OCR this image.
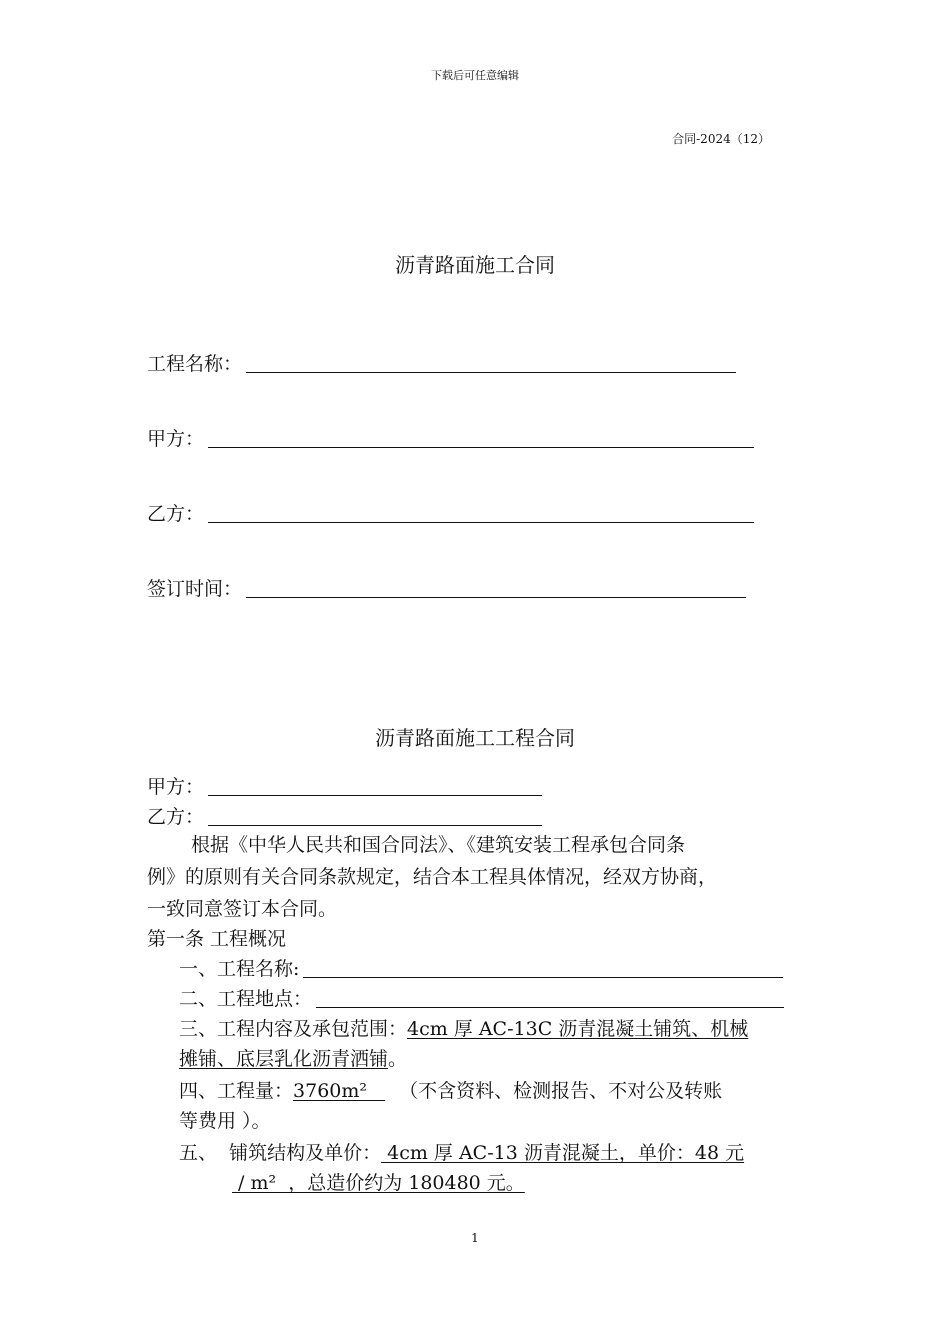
下载后可任意编辑
合同-2024（12）
沥青路面施工合同
工程名称：
甲方：
乙方：
签订时间：
沥青路面施工工程合同
甲方：
乙方：
根据《中华人民共和国合同法》、《建筑安装工程承包合同条
例》的原则有关合同条款规定，结合本工程具体情况，经双方协商，
一致同意签订本合同。
第一条 工程概况
一、工程名称:
二、工程地点：
三、工程内容及承包范围：4cm 厚 AC-13C 沥青混凝土铺筑、机械
摊铺、底层乳化沥青洒铺。
四、工程量：3760m²   （不含资料、检测报告、不对公及转账
等费用 ）。
五、  铺筑结构及单价： 4cm 厚 AC-13 沥青混凝土，单价：48 元
/ m²  ，总造价约为 180480 元。
1
